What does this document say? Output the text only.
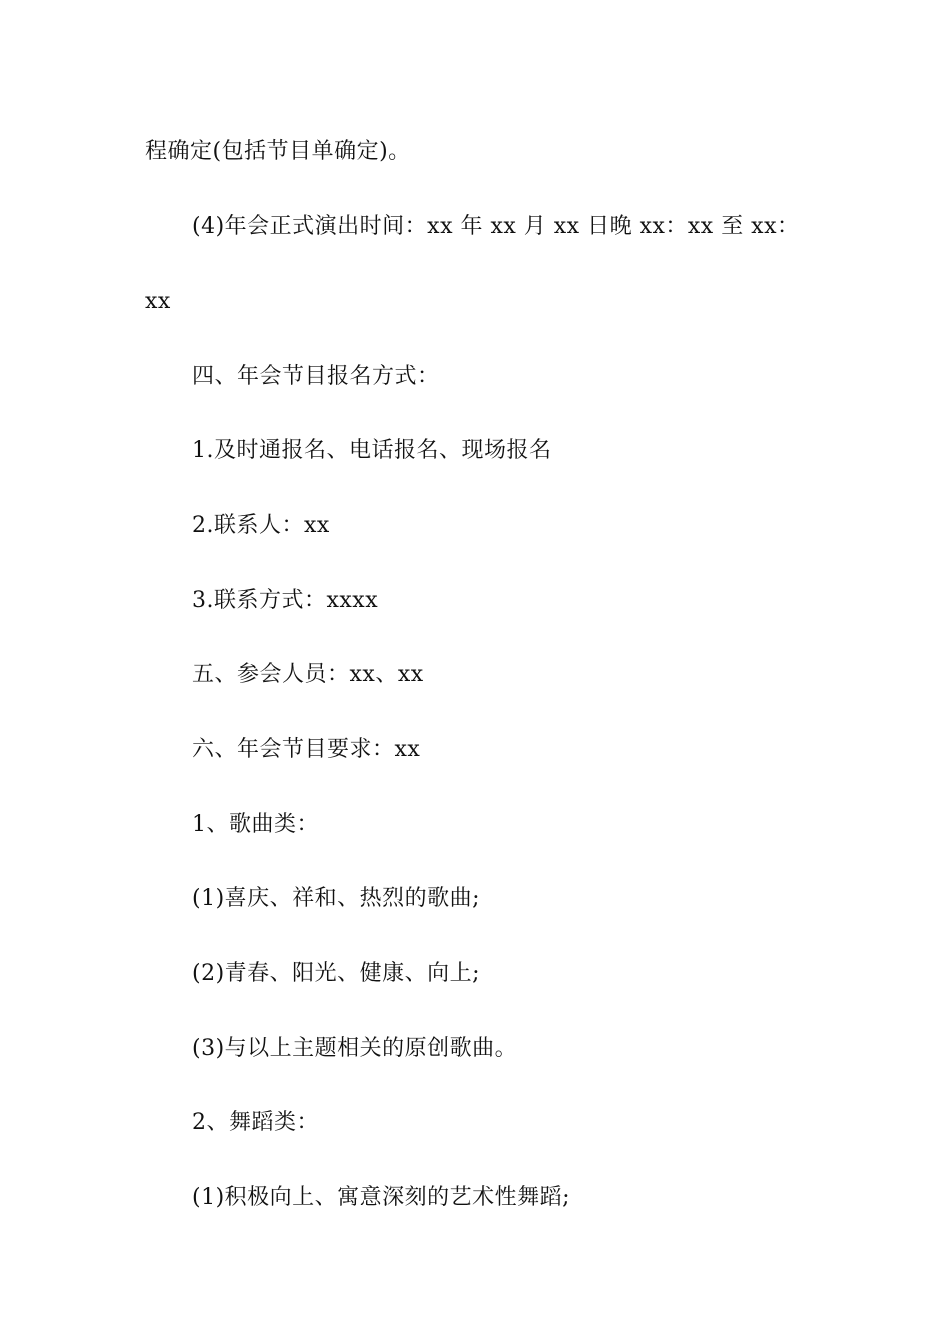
程确定(包括节目单确定)。
(4)年会正式演出时间：xx 年 xx 月 xx 日晚 xx：xx 至 xx：
xx
四、年会节目报名方式：
1.及时通报名、电话报名、现场报名
2.联系人：xx
3.联系方式：xxxx
五、参会人员：xx、xx
六、年会节目要求：xx
1、歌曲类：
(1)喜庆、祥和、热烈的歌曲;
(2)青春、阳光、健康、向上;
(3)与以上主题相关的原创歌曲。
2、舞蹈类：
(1)积极向上、寓意深刻的艺术性舞蹈;
